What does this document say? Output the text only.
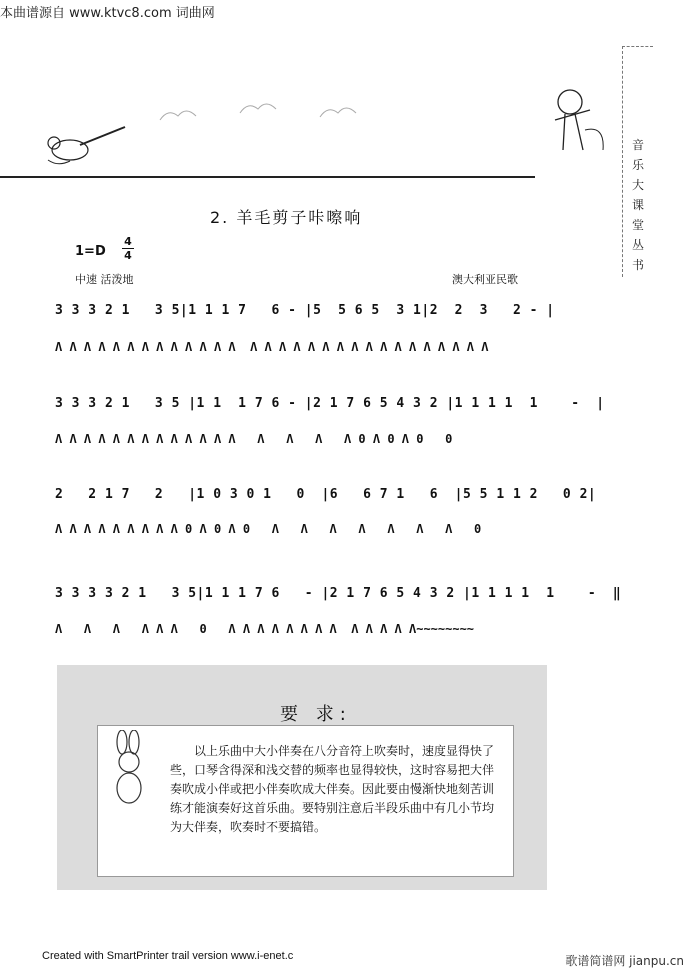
本曲谱源自 www.ktvc8.com 词曲网
音
乐
大
课
堂
丛
书
2. 羊毛剪子咔嚓响
1=D
4
4
中速 活泼地	澳大利亚民歌
3 3 3 2 1   3 5|1 1 1 7   6 - |5  5 6 5  3 1|2  2  3   2 - |
Λ Λ Λ Λ Λ Λ Λ Λ Λ Λ Λ Λ Λ  Λ Λ Λ Λ Λ Λ Λ Λ Λ Λ Λ Λ Λ Λ Λ Λ Λ
3 3 3 2 1   3 5 |1 1  1 7 6 - |2 1 7 6 5 4 3 2 |1 1 1 1  1    -  |
Λ Λ Λ Λ Λ Λ Λ Λ Λ Λ Λ Λ Λ   Λ   Λ   Λ   Λ 0 Λ 0 Λ 0   0
2   2 1 7   2   |1 0 3 0 1   0  |6   6 7 1   6  |5 5 1 1 2   0 2|
Λ Λ Λ Λ Λ Λ Λ Λ Λ 0 Λ 0 Λ 0   Λ   Λ   Λ   Λ   Λ   Λ   Λ   0
3 3 3 3 2 1   3 5|1 1 1 7 6   - |2 1 7 6 5 4 3 2 |1 1 1 1  1    -  ‖
Λ   Λ   Λ   Λ Λ Λ   0   Λ Λ Λ Λ Λ Λ Λ Λ  Λ Λ Λ Λ Λ~~~~~~~~
要 求:
以上乐曲中大小伴奏在八分音符上吹奏时，速度显得快了些，口琴含得深和浅交替的频率也显得较快，这时容易把大伴奏吹成小伴或把小伴奏吹成大伴奏。因此要由慢渐快地刻苦训练才能演奏好这首乐曲。要特别注意后半段乐曲中有几小节均为大伴奏，吹奏时不要搞错。
Created with SmartPrinter trail version www.i-enet.c	歌谱简谱网 jianpu.cn
